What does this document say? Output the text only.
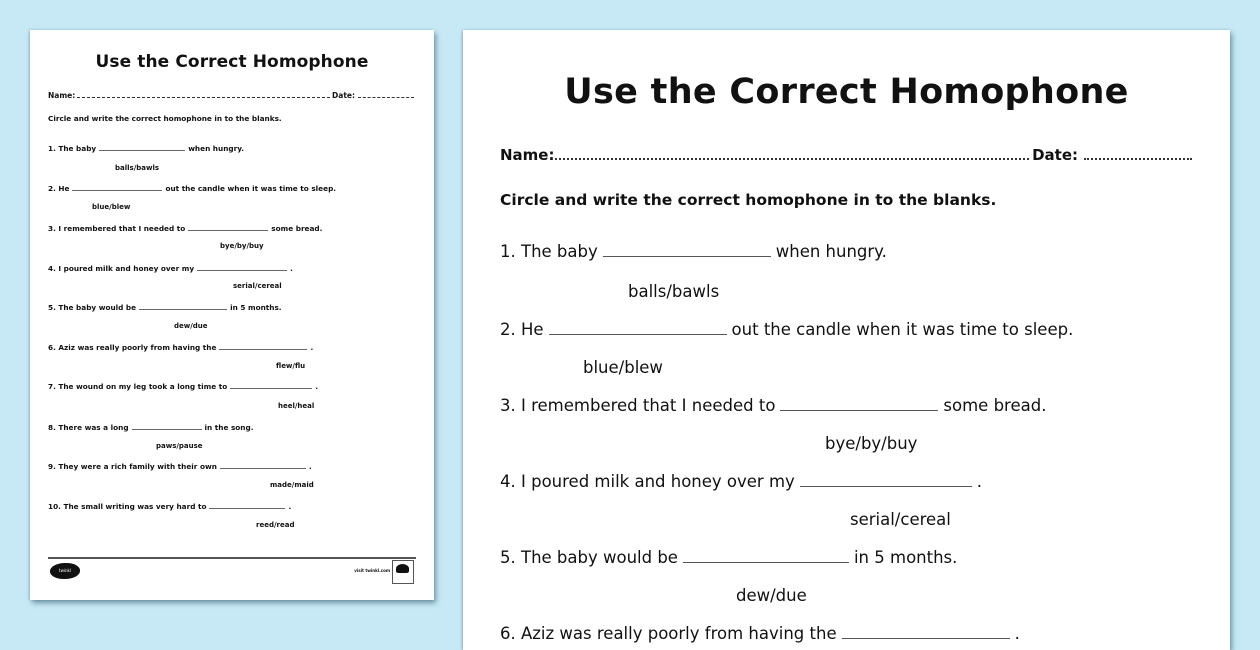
Use the Correct Homophone
Name:	Date:
Circle and write the correct homophone in to the blanks.
1. The baby	when hungry.
balls/bawls
2. He	out the candle when it was time to sleep.
blue/blew
3. I remembered that I needed to	some bread.
bye/by/buy
4. I poured milk and honey over my	.
serial/cereal
5. The baby would be	in 5 months.
dew/due
6. Aziz was really poorly from having the	.
flew/flu
7. The wound on my leg took a long time to	.
heel/heal
8. There was a long	in the song.
paws/pause
9. They were a rich family with their own	.
made/maid
10. The small writing was very hard to	.
reed/read
twinkl	visit twinkl.com
Use the Correct Homophone
Name:	Date:
Circle and write the correct homophone in to the blanks.
1. The baby	when hungry.
balls/bawls
2. He	out the candle when it was time to sleep.
blue/blew
3. I remembered that I needed to	some bread.
bye/by/buy
4. I poured milk and honey over my	.
serial/cereal
5. The baby would be	in 5 months.
dew/due
6. Aziz was really poorly from having the	.
